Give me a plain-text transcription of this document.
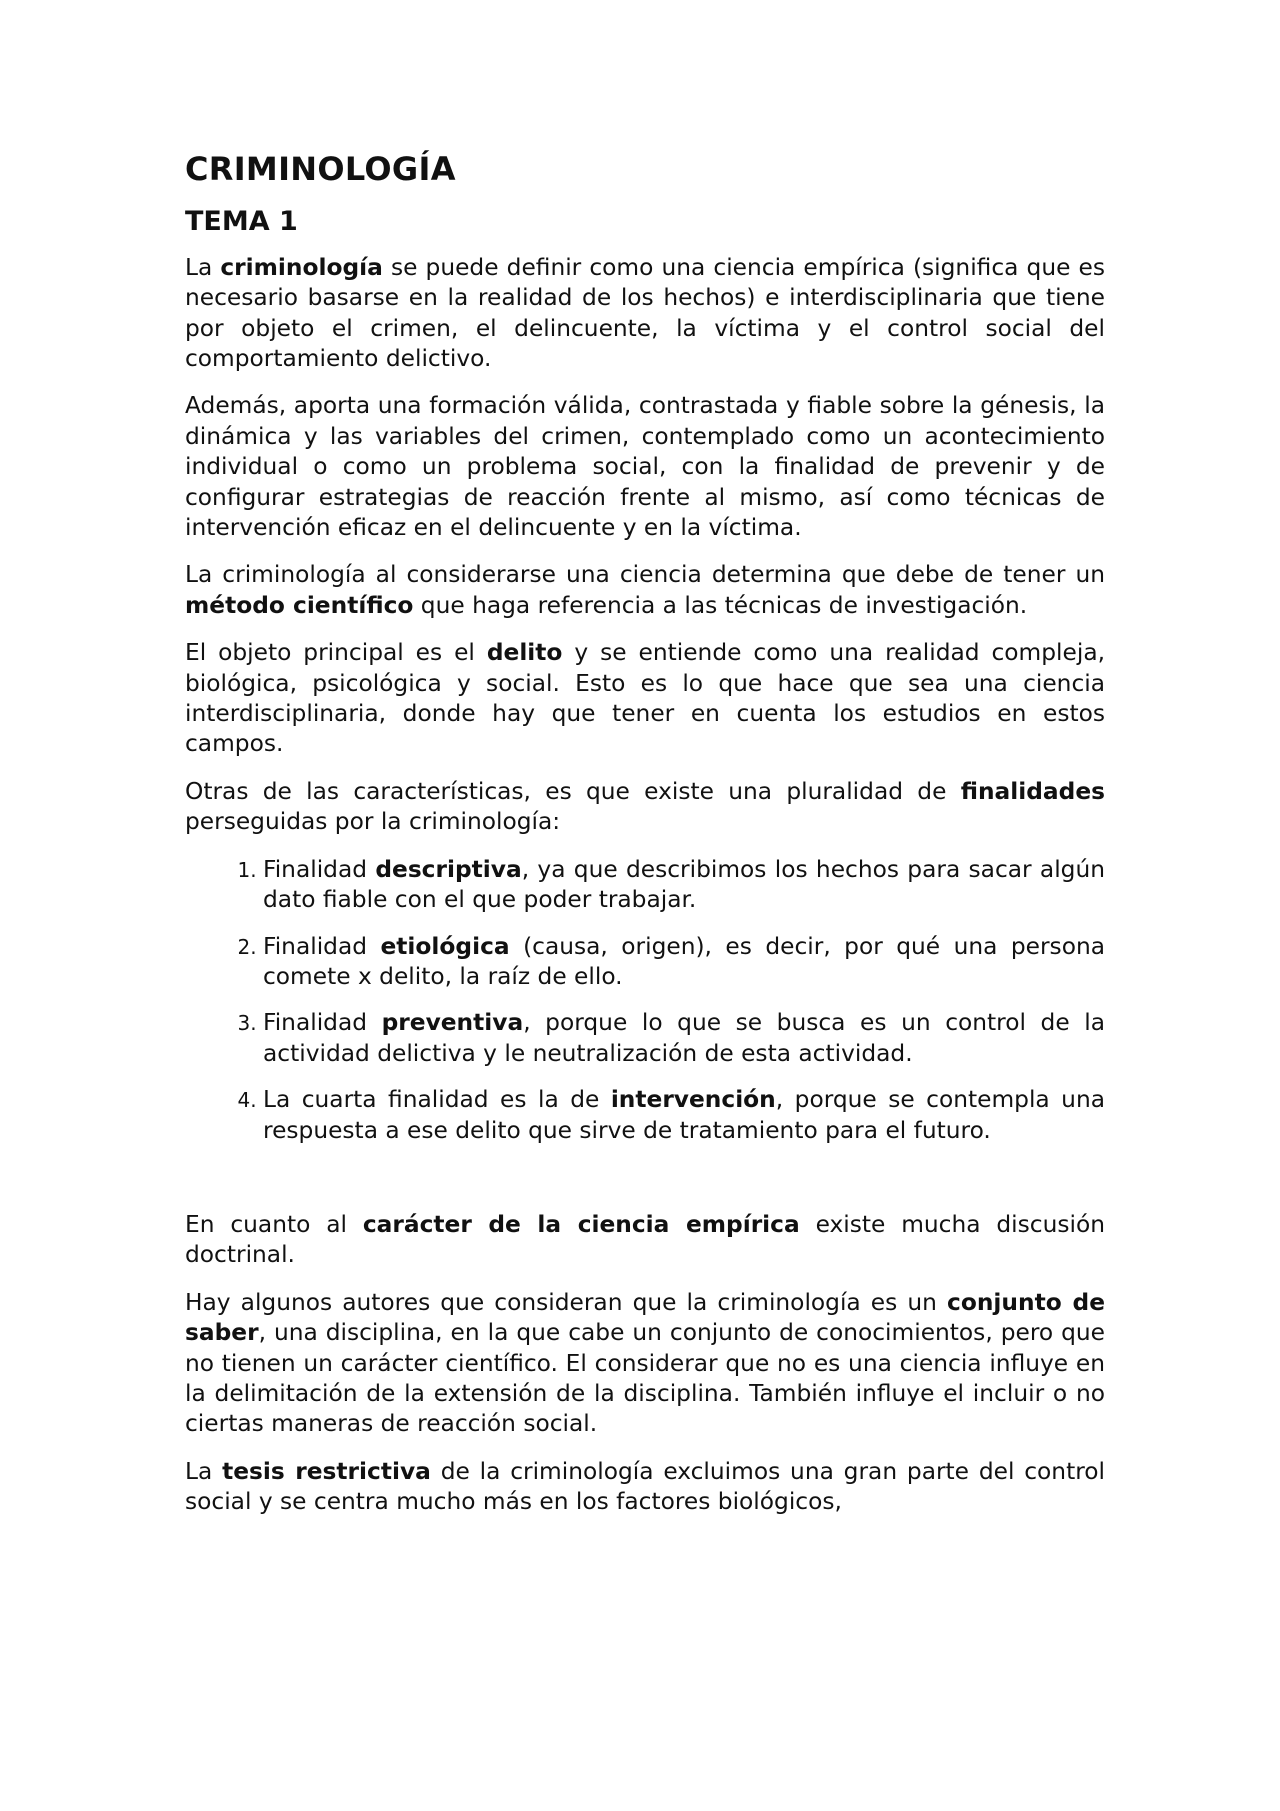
CRIMINOLOGÍA
TEMA 1

La criminología se puede definir como una ciencia empírica (significa que es necesario basarse en la realidad de los hechos) e interdisciplinaria que tiene por objeto el crimen, el delincuente, la víctima y el control social del comportamiento delictivo.

Además, aporta una formación válida, contrastada y fiable sobre la génesis, la dinámica y las variables del crimen, contemplado como un acontecimiento individual o como un problema social, con la finalidad de prevenir y de configurar estrategias de reacción frente al mismo, así como técnicas de intervención eficaz en el delincuente y en la víctima.

La criminología al considerarse una ciencia determina que debe de tener un método científico que haga referencia a las técnicas de investigación.

El objeto principal es el delito y se entiende como una realidad compleja, biológica, psicológica y social. Esto es lo que hace que sea una ciencia interdisciplinaria, donde hay que tener en cuenta los estudios en estos campos.

Otras de las características, es que existe una pluralidad de finalidades perseguidas por la criminología:

1. Finalidad descriptiva, ya que describimos los hechos para sacar algún dato fiable con el que poder trabajar.
2. Finalidad etiológica (causa, origen), es decir, por qué una persona comete x delito, la raíz de ello.
3. Finalidad preventiva, porque lo que se busca es un control de la actividad delictiva y le neutralización de esta actividad.
4. La cuarta finalidad es la de intervención, porque se contempla una respuesta a ese delito que sirve de tratamiento para el futuro.

En cuanto al carácter de la ciencia empírica existe mucha discusión doctrinal.

Hay algunos autores que consideran que la criminología es un conjunto de saber, una disciplina, en la que cabe un conjunto de conocimientos, pero que no tienen un carácter científico. El considerar que no es una ciencia influye en la delimitación de la extensión de la disciplina. También influye el incluir o no ciertas maneras de reacción social.

La tesis restrictiva de la criminología excluimos una gran parte del control social y se centra mucho más en los factores biológicos,
